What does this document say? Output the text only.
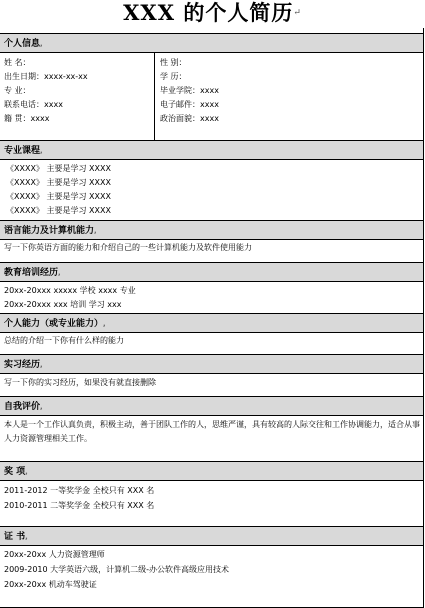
XXX 的个人简历↵
个人信息,
姓 名：
出生日期：xxxx-xx-xx
专 业：
联系电话：xxxx
籍 贯：xxxx
性 别：
学 历：
毕业学院：xxxx
电子邮件：xxxx
政治面貌：xxxx
专业课程,
《XXXX》 主要是学习 XXXX
《XXXX》 主要是学习 XXXX
《XXXX》 主要是学习 XXXX
《XXXX》 主要是学习 XXXX
语言能力及计算机能力,
写一下你英语方面的能力和介绍自己的一些计算机能力及软件使用能力
教育培训经历,
20xx-20xxx xxxxx 学校 xxxx 专业
20xx-20xxx xxx 培训 学习 xxx
个人能力（或专业能力）,
总结的介绍一下你有什么样的能力
实习经历,
写一下你的实习经历，如果没有就直接删除
自我评价,
本人是一个工作认真负责，积极主动，善于团队工作的人，思维严谨，具有较高的人际交往和工作协调能力，适合从事人力资源管理相关工作。
奖 项,
2011-2012 一等奖学金 全校只有 XXX 名
2010-2011 二等奖学金 全校只有 XXX 名
证 书,
20xx-20xx 人力资源管理师
2009-2010 大学英语六级，计算机二级-办公软件高级应用技术
20xx-20xx 机动车驾驶证
